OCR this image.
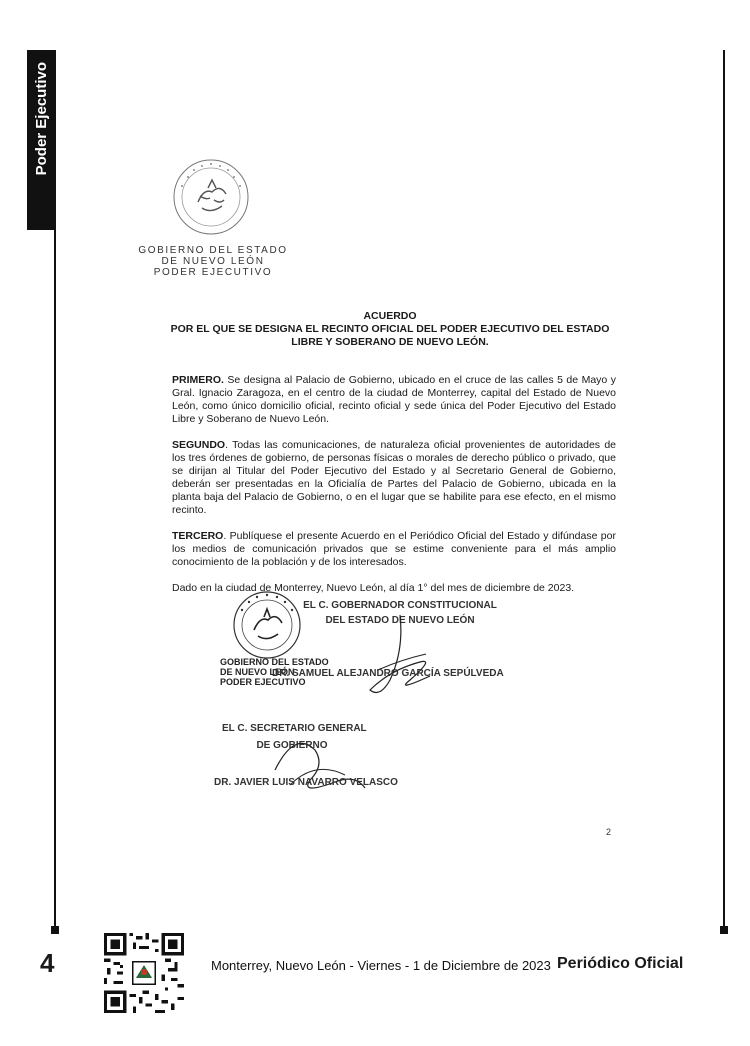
Poder Ejecutivo
GOBIERNO DEL ESTADO
DE NUEVO LEÓN
PODER EJECUTIVO
ACUERDO
POR EL QUE SE DESIGNA EL RECINTO OFICIAL DEL PODER EJECUTIVO DEL ESTADO
LIBRE Y SOBERANO DE NUEVO LEÓN.

PRIMERO. Se designa al Palacio de Gobierno, ubicado en el cruce de las calles 5 de Mayo y Gral. Ignacio Zaragoza, en el centro de la ciudad de Monterrey, capital del Estado de Nuevo León, como único domicilio oficial, recinto oficial y sede única del Poder Ejecutivo del Estado Libre y Soberano de Nuevo León.

SEGUNDO. Todas las comunicaciones, de naturaleza oficial provenientes de autoridades de los tres órdenes de gobierno, de personas físicas o morales de derecho público o privado, que se dirijan al Titular del Poder Ejecutivo del Estado y al Secretario General de Gobierno, deberán ser presentadas en la Oficialía de Partes del Palacio de Gobierno, ubicada en la planta baja del Palacio de Gobierno, o en el lugar que se habilite para ese efecto, en el mismo recinto.

TERCERO. Publíquese el presente Acuerdo en el Periódico Oficial del Estado y difúndase por los medios de comunicación privados que se estime conveniente para el más amplio conocimiento de la población y de los interesados.

Dado en la ciudad de Monterrey, Nuevo León, al día 1° del mes de diciembre de 2023.

GOBIERNO DEL ESTADO
DE NUEVO LEÓN
PODER EJECUTIVO
EL C. GOBERNADOR CONSTITUCIONAL
DEL ESTADO DE NUEVO LEÓN
DR. SAMUEL ALEJANDRO GARCÍA SEPÚLVEDA
EL C. SECRETARIO GENERAL
DE GOBIERNO
DR. JAVIER LUIS NAVARRO VELASCO
2
4	Monterrey, Nuevo León - Viernes - 1 de Diciembre de 2023 Periódico Oficial
